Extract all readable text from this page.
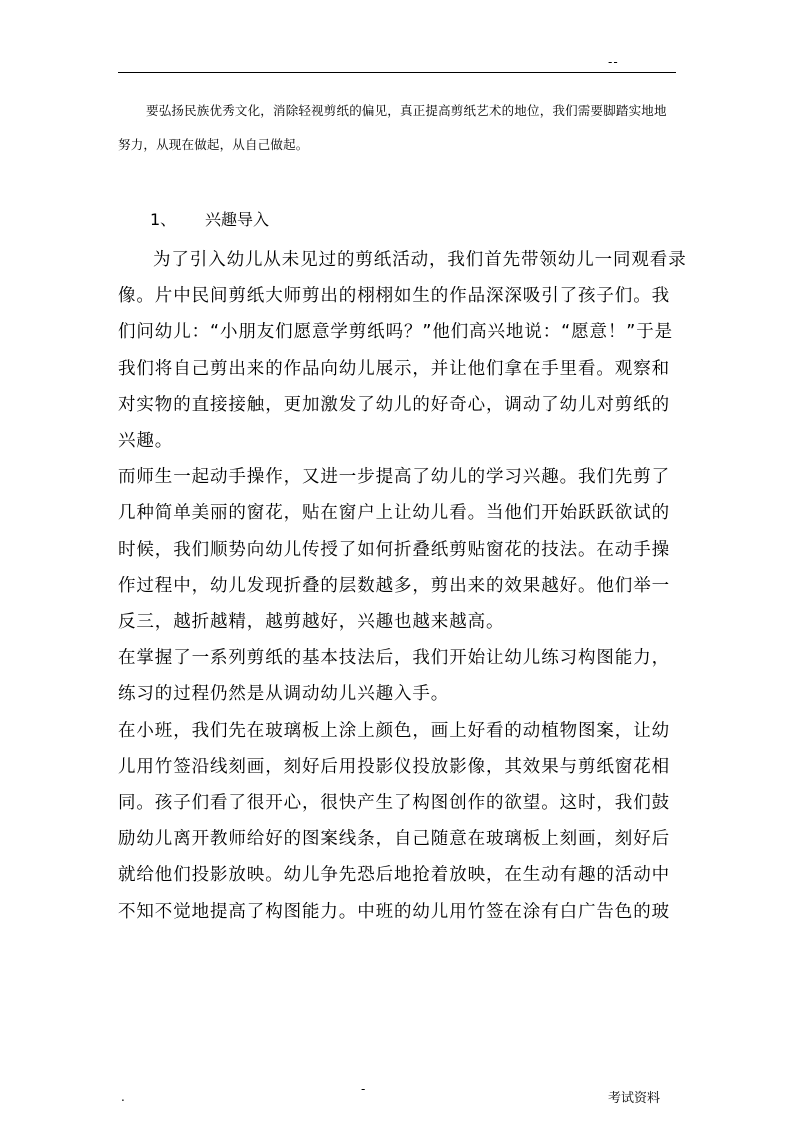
--
要弘扬民族优秀文化，消除轻视剪纸的偏见，真正提高剪纸艺术的地位，我们需要脚踏实地地努力，从现在做起，从自己做起。
1、 兴趣导入

为了引入幼儿从未见过的剪纸活动，我们首先带领幼儿一同观看录像。片中民间剪纸大师剪出的栩栩如生的作品深深吸引了孩子们。我们问幼儿：“小朋友们愿意学剪纸吗？”他们高兴地说：“愿意！”于是我们将自己剪出来的作品向幼儿展示，并让他们拿在手里看。观察和对实物的直接接触，更加激发了幼儿的好奇心，调动了幼儿对剪纸的兴趣。

而师生一起动手操作，又进一步提高了幼儿的学习兴趣。我们先剪了几种简单美丽的窗花，贴在窗户上让幼儿看。当他们开始跃跃欲试的时候，我们顺势向幼儿传授了如何折叠纸剪贴窗花的技法。在动手操作过程中，幼儿发现折叠的层数越多，剪出来的效果越好。他们举一反三，越折越精，越剪越好，兴趣也越来越高。

在掌握了一系列剪纸的基本技法后，我们开始让幼儿练习构图能力，练习的过程仍然是从调动幼儿兴趣入手。

在小班，我们先在玻璃板上涂上颜色，画上好看的动植物图案，让幼儿用竹签沿线刻画，刻好后用投影仪投放影像，其效果与剪纸窗花相同。孩子们看了很开心，很快产生了构图创作的欲望。这时，我们鼓励幼儿离开教师给好的图案线条，自己随意在玻璃板上刻画，刻好后就给他们投影放映。幼儿争先恐后地抢着放映，在生动有趣的活动中不知不觉地提高了构图能力。中班的幼儿用竹签在涂有白广告色的玻

.
-
考试资料
